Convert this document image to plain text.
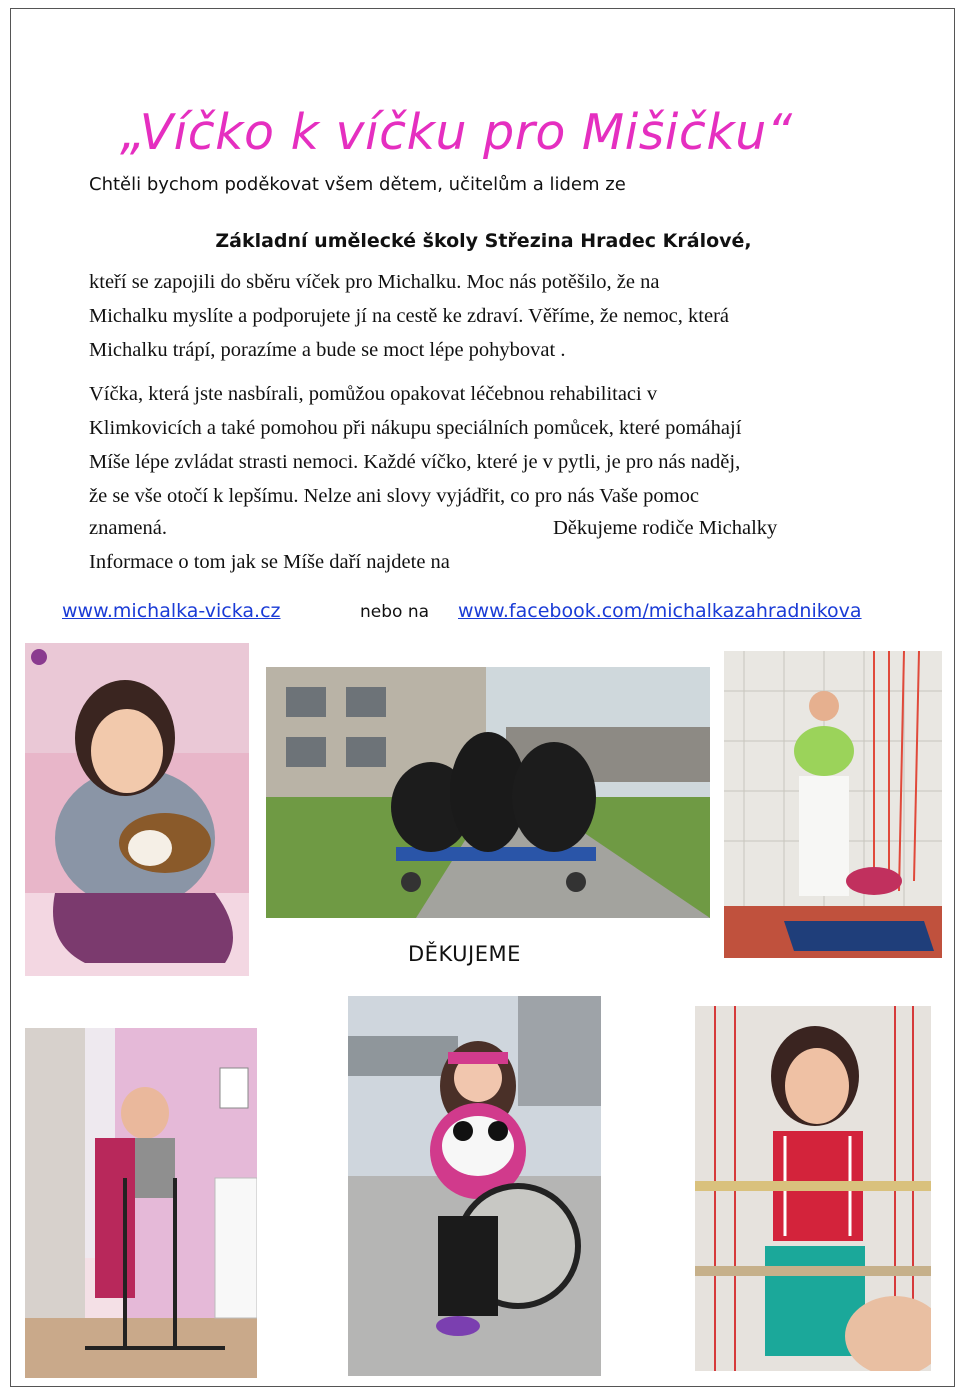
„Víčko k víčku pro Mišičku“
Chtěli bychom poděkovat všem dětem, učitelům a lidem ze
Základní umělecké školy Střezina Hradec Králové,
kteří se zapojili do sběru víček pro Michalku. Moc nás potěšilo, že na
Michalku myslíte a podporujete jí na cestě ke zdraví. Věříme, že nemoc, která
Michalku trápí, porazíme a bude se moct lépe pohybovat .
Víčka, která jste nasbírali, pomůžou opakovat léčebnou rehabilitaci v
Klimkovicích a také pomohou při nákupu speciálních pomůcek, které pomáhají
Míše lépe zvládat strasti nemoci. Každé víčko, které je v pytli, je pro nás naděj,
že se vše otočí k lepšímu. Nelze ani slovy vyjádřit, co pro nás Vaše pomoc
znamená.	Děkujeme rodiče Michalky
Informace o tom jak se Míše daří najdete na
www.michalka-vicka.cz	nebo na www.facebook.com/michalkazahradnikova
DĚKUJEME
